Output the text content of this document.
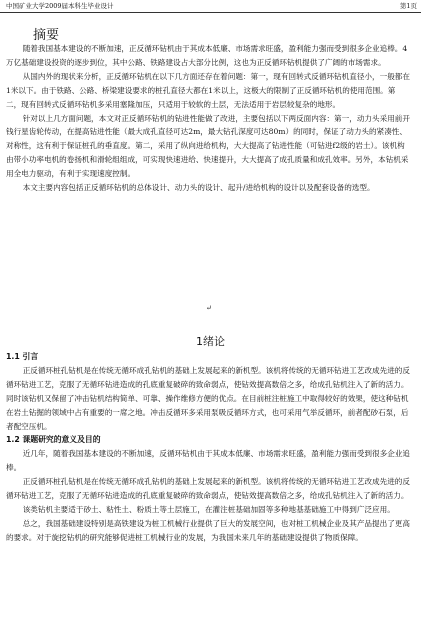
中国矿业大学2009届本科生毕业设计	第1页
摘要

随着我国基本建设的不断加速，正反循环钻机由于其成本低廉、市场需求旺盛，盈利能力强而受到很多企业追棒。4万亿基础建设投资的逐步到位，其中公路、铁路建设占大部分比例，这也为正反循环钻机提供了广阔的市场需求。

从国内外的现状来分析，正反循环钻机在以下几方面还存在着问题：第一，现有回转式反循环钻机直径小，一般都在1米以下。由于铁路、公路、桥梁建设要求的桩孔直径大都在1米以上，这极大的限制了正反循环钻机的使用范围。第二，现有回转式反循环钻机多采用塞隆加压，只适用于较软的土层，无法适用于岩层较复杂的地形。

针对以上几方面问题，本文对正反循环钻机的钻进性能做了改进，主要包括以下两反面内容：第一，动力头采用前开钱行星齿轮传动，在提高钻进性能（最大成孔直径可达2m，最大钻孔深度可达80m）的同时，保证了动力头的紧凑性、对称性，这有利于保证桩孔的垂直度。第二，采用了纵向进给机构，大大提高了钻进性能（可钻进f2级的岩土）。该机构由带小功率电机的卷扬机和滑轮组组成，可实现快速进给、快速提升，大大提高了成孔质量和成孔效率。另外，本钻机采用全电力驱动，有利于实现速度控制。

本文主要内容包括正反循环钻机的总体设计、动力头的设计、起升/进给机构的设计以及配套设备的选型。

↵
1绪论
1.1 引言

正反循环桩孔钻机是在传统无循环成孔钻机的基础上发展起来的新机型。该机将传统的无循环钻进工艺改成先进的反循环钻进工艺，克服了无循环钻进造成的孔底重复破碎的致命弱点，使钻效提高数倍之多，给成孔钻机注入了新的活力。同时该钻机又保留了冲击钻机结构简单、可靠、操作维修方便的优点。在目前桩注桩施工中取得较好的效果，使这种钻机在岩土钻掘的领域中占有重要的一席之地。冲击反循环多采用泵吸反循环方式，也可采用气举反循环，前者配砂石泵，后者配空压机。

1.2 课题研究的意义及目的

近几年，随着我国基本建设的不断加速，反循环钻机由于其成本低廉、市场需求旺盛，盈利能力强而受到很多企业追棒。

正反循环桩孔钻机是在传统无循环成孔钻机的基础上发展起来的新机型。该机将传统的无循环钻进工艺改成先进的反循环钻进工艺，克服了无循环钻进造成的孔底重复破碎的致命弱点，使钻效提高数倍之多，给成孔钻机注入了新的活力。

该类钻机主要适于砂土、粘性土、粉质土等土层施工，在灌注桩基础加固等多种地基基础施工中得到广泛应用。

总之，我国基础建设特别是高铁建设为桩工机械行业提供了巨大的发展空间，也对桩工机械企业及其产品提出了更高的要求。对于旋挖钻机的研究能够促进桩工机械行业的发展，为我国未来几年的基础建设提供了物质保障。
